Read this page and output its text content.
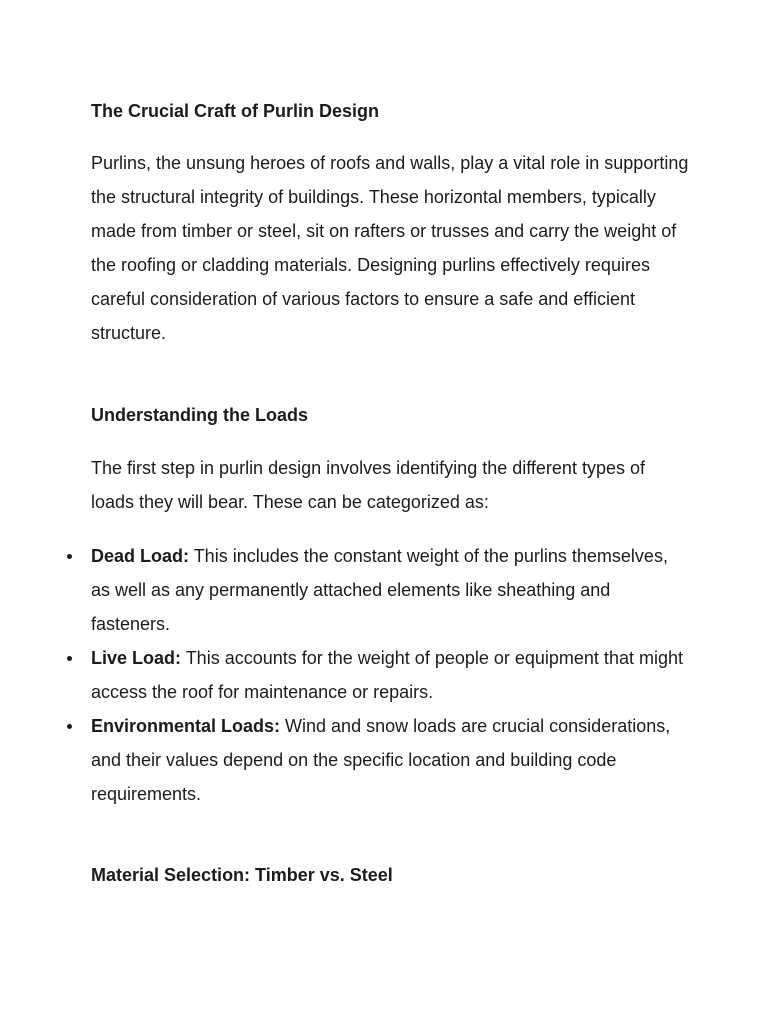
The Crucial Craft of Purlin Design

Purlins, the unsung heroes of roofs and walls, play a vital role in supporting the structural integrity of buildings. These horizontal members, typically made from timber or steel, sit on rafters or trusses and carry the weight of the roofing or cladding materials. Designing purlins effectively requires careful consideration of various factors to ensure a safe and efficient structure.

Understanding the Loads

The first step in purlin design involves identifying the different types of loads they will bear. These can be categorized as:

Dead Load: This includes the constant weight of the purlins themselves, as well as any permanently attached elements like sheathing and fasteners.
Live Load: This accounts for the weight of people or equipment that might access the roof for maintenance or repairs.
Environmental Loads: Wind and snow loads are crucial considerations, and their values depend on the specific location and building code requirements.
Material Selection: Timber vs. Steel
